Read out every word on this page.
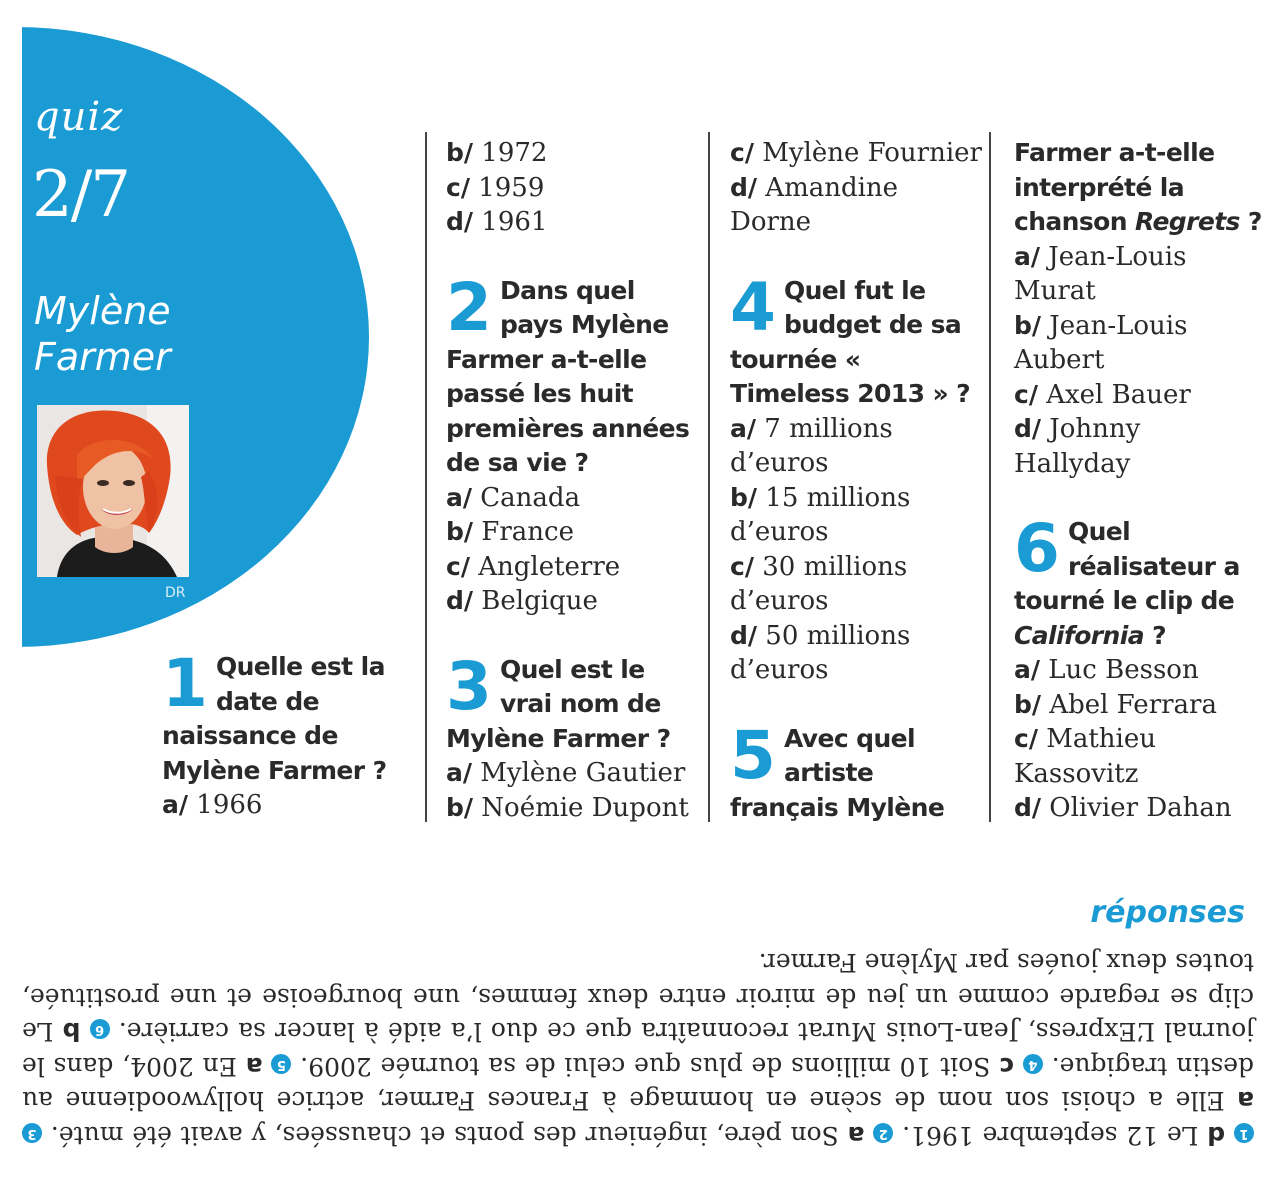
quiz
2/7
Mylène
Farmer
DR
1 Quelle est la date de naissance de Mylène Farmer ?
a/ 1966
b/ 1972
c/ 1959
d/ 1961
2 Dans quel pays Mylène Farmer a-t-elle passé les huit premières années de sa vie ?
a/ Canada
b/ France
c/ Angleterre
d/ Belgique
3 Quel est le vrai nom de Mylène Farmer ?
a/ Mylène Gautier
b/ Noémie Dupont
c/ Mylène Fournier
d/ Amandine Dorne
4 Quel fut le budget de sa tournée « Timeless 2013 » ?
a/ 7 millions d’euros
b/ 15 millions d’euros
c/ 30 millions d’euros
d/ 50 millions d’euros
5 Avec quel artiste français Mylène
Farmer a-t-elle interprété la chanson Regrets ?
a/ Jean-Louis Murat
b/ Jean-Louis Aubert
c/ Axel Bauer
d/ Johnny Hallyday
6 Quel réalisateur a tourné le clip de California ?
a/ Luc Besson
b/ Abel Ferrara
c/ Mathieu Kassovitz
d/ Olivier Dahan
réponses

1 d Le 12 septembre 1961. 2 a Son père, ingénieur des ponts et chaussées, y avait été muté. 3 a Elle a choisi son nom de scène en hommage à Frances Farmer, actrice hollywoodienne au destin tragique. 4 c Soit 10 millions de plus que celui de sa tournée 2009. 5 a En 2004, dans le journal L’Express, Jean-Louis Murat reconnaîtra que ce duo l’a aidé à lancer sa carrière. 6 b Le clip se regarde comme un jeu de miroir entre deux femmes, une bourgeoise et une prostituée, toutes deux jouées par Mylène Farmer.
